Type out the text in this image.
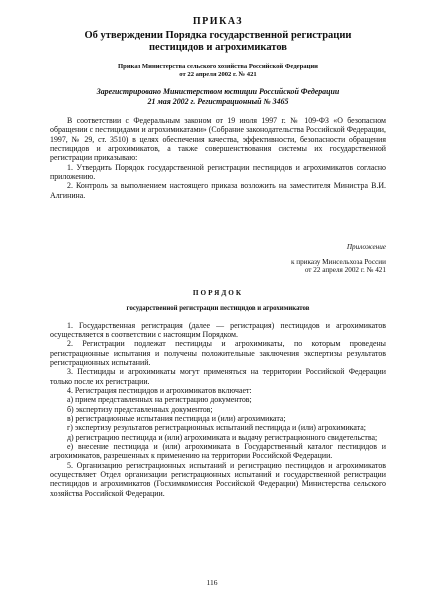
ПРИКАЗ
Об утверждении Порядка государственной регистрации
пестицидов и агрохимикатов
Приказ Министерства сельского хозяйства Российской Федерации
от 22 апреля 2002 г. № 421
Зарегистрировано Министерством юстиции Российской Федерации
21 мая 2002 г. Регистрационный № 3465

В соответствии с Федеральным законом от 19 июля 1997 г. № 109-ФЗ «О безопасном обращении с пестицидами и агрохимикатами» (Собрание законодательства Российской Федерации, 1997, № 29, ст. 3510) в целях обеспечения качества, эффективности, безопасности обращения пестицидов и агрохимикатов, а также совершенствования системы их государственной регистрации приказываю:

1. Утвердить Порядок государственной регистрации пестицидов и агрохимикатов согласно приложению.

2. Контроль за выполнением настоящего приказа возложить на заместителя Министра В.И. Алгинина.

Приложение
к приказу Минсельхоза России
от 22 апреля 2002 г. № 421
ПОРЯДОК
государственной регистрации пестицидов и агрохимикатов

1. Государственная регистрация (далее — регистрация) пестицидов и агрохимикатов осуществляется в соответствии с настоящим Порядком.

2. Регистрации подлежат пестициды и агрохимикаты, по которым проведены регистрационные испытания и получены положительные заключения экспертизы результатов регистрационных испытаний.

3. Пестициды и агрохимикаты могут применяться на территории Российской Федерации только после их регистрации.

4. Регистрация пестицидов и агрохимикатов включает:

а) прием представленных на регистрацию документов;

б) экспертизу представленных документов;

в) регистрационные испытания пестицида и (или) агрохимиката;

г) экспертизу результатов регистрационных испытаний пестицида и (или) агрохимиката;

д) регистрацию пестицида и (или) агрохимиката и выдачу регистрационного свидетельства;

е) внесение пестицида и (или) агрохимиката в Государственный каталог пестицидов и агрохимикатов, разрешенных к применению на территории Российской Федерации.

5. Организацию регистрационных испытаний и регистрацию пестицидов и агрохимикатов осуществляет Отдел организации регистрационных испытаний и государственной регистрации пестицидов и агрохимикатов (Госхимкомиссия Российской Федерации) Министерства сельского хозяйства Российской Федерации.

116
